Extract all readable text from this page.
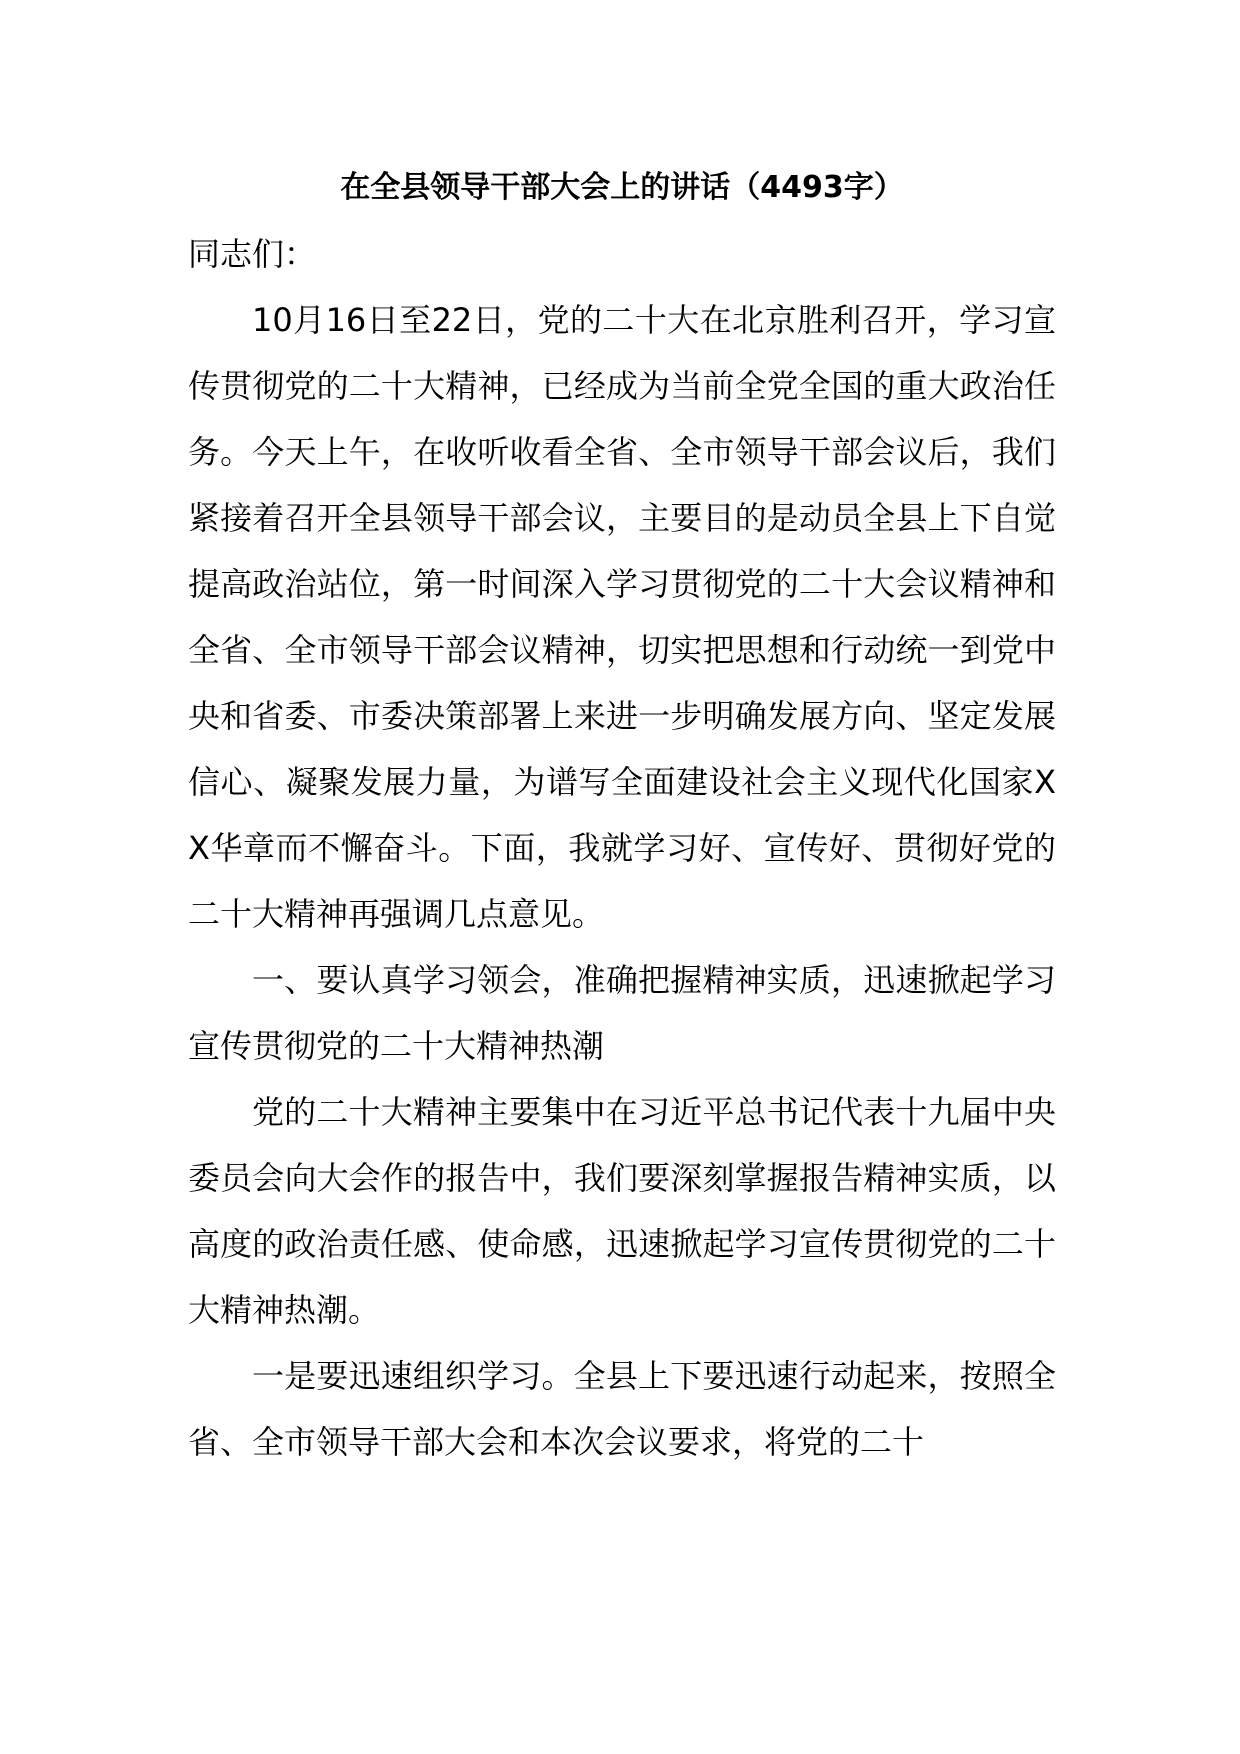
在全县领导干部大会上的讲话（4493字）

同志们：

10月16日至22日，党的二十大在北京胜利召开，学习宣传贯彻党的二十大精神，已经成为当前全党全国的重大政治任务。今天上午，在收听收看全省、全市领导干部会议后，我们紧接着召开全县领导干部会议，主要目的是动员全县上下自觉提高政治站位，第一时间深入学习贯彻党的二十大会议精神和全省、全市领导干部会议精神，切实把思想和行动统一到党中央和省委、市委决策部署上来进一步明确发展方向、坚定发展信心、凝聚发展力量，为谱写全面建设社会主义现代化国家XX华章而不懈奋斗。下面，我就学习好、宣传好、贯彻好党的二十大精神再强调几点意见。

一、要认真学习领会，准确把握精神实质，迅速掀起学习宣传贯彻党的二十大精神热潮

党的二十大精神主要集中在习近平总书记代表十九届中央委员会向大会作的报告中，我们要深刻掌握报告精神实质，以高度的政治责任感、使命感，迅速掀起学习宣传贯彻党的二十大精神热潮。

一是要迅速组织学习。全县上下要迅速行动起来，按照全省、全市领导干部大会和本次会议要求，将党的二十
